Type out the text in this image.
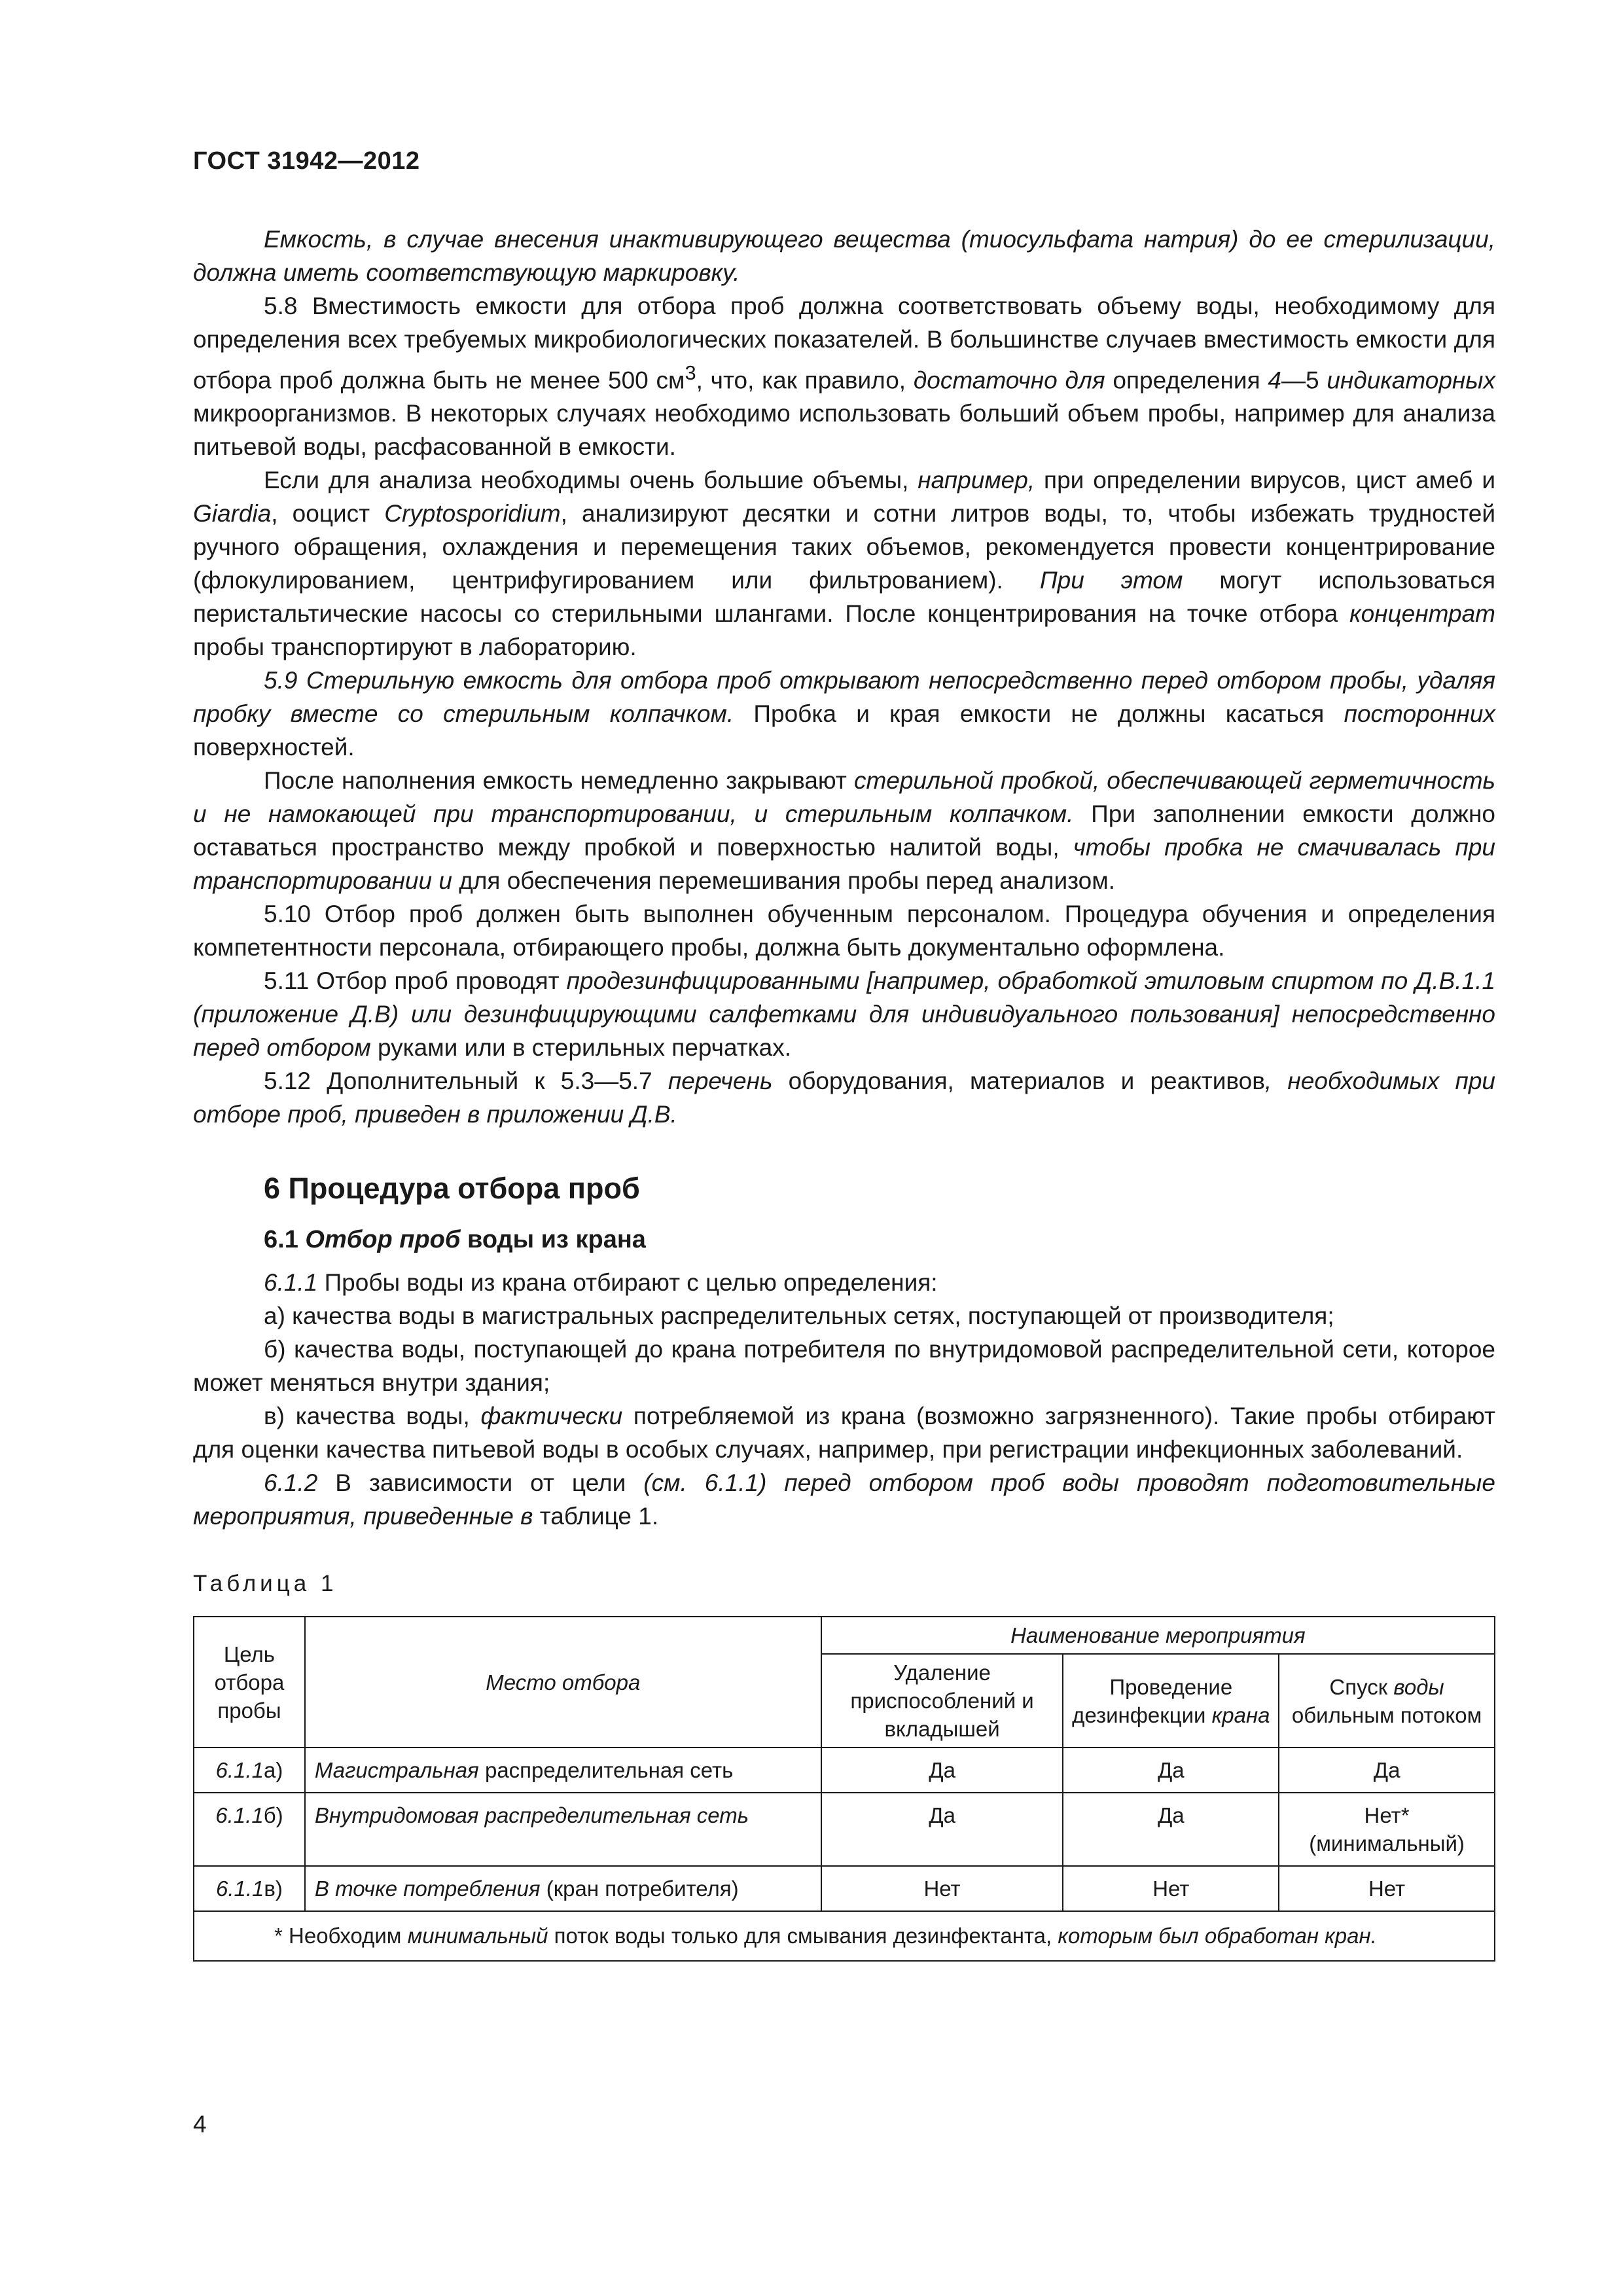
ГОСТ 31942—2012

Емкость, в случае внесения инактивирующего вещества (тиосульфата натрия) до ее стерилизации, должна иметь соответствующую маркировку.

5.8 Вместимость емкости для отбора проб должна соответствовать объему воды, необходимому для определения всех требуемых микробиологических показателей. В большинстве случаев вместимость емкости для отбора проб должна быть не менее 500 $см^3$, что, как правило, достаточно для определения 4—5 индикаторных микроорганизмов. В некоторых случаях необходимо использовать больший объем пробы, например для анализа питьевой воды, расфасованной в емкости.

Если для анализа необходимы очень большие объемы, например, при определении вирусов, цист амеб и Giardia, ооцист Cryptosporidium, анализируют десятки и сотни литров воды, то, чтобы избежать трудностей ручного обращения, охлаждения и перемещения таких объемов, рекомендуется провести концентрирование (флокулированием, центрифугированием или фильтрованием). При этом могут использоваться перистальтические насосы со стерильными шлангами. После концентрирования на точке отбора концентрат пробы транспортируют в лабораторию.

5.9 Стерильную емкость для отбора проб открывают непосредственно перед отбором пробы, удаляя пробку вместе со стерильным колпачком. Пробка и края емкости не должны касаться посторонних поверхностей.

После наполнения емкость немедленно закрывают стерильной пробкой, обеспечивающей герметичность и не намокающей при транспортировании, и стерильным колпачком. При заполнении емкости должно оставаться пространство между пробкой и поверхностью налитой воды, чтобы пробка не смачивалась при транспортировании и для обеспечения перемешивания пробы перед анализом.

5.10 Отбор проб должен быть выполнен обученным персоналом. Процедура обучения и определения компетентности персонала, отбирающего пробы, должна быть документально оформлена.

5.11 Отбор проб проводят продезинфицированными [например, обработкой этиловым спиртом по Д.В.1.1 (приложение Д.В) или дезинфицирующими салфетками для индивидуального пользования] непосредственно перед отбором руками или в стерильных перчатках.

5.12 Дополнительный к 5.3—5.7 перечень оборудования, материалов и реактивов, необходимых при отборе проб, приведен в приложении Д.В.

6 Процедура отбора проб
6.1 Отбор проб воды из крана

6.1.1 Пробы воды из крана отбирают с целью определения:

а) качества воды в магистральных распределительных сетях, поступающей от производителя;

б) качества воды, поступающей до крана потребителя по внутридомовой распределительной сети, которое может меняться внутри здания;

в) качества воды, фактически потребляемой из крана (возможно загрязненного). Такие пробы отбирают для оценки качества питьевой воды в особых случаях, например, при регистрации инфекционных заболеваний.

6.1.2 В зависимости от цели (см. 6.1.1) перед отбором проб воды проводят подготовительные мероприятия, приведенные в таблице 1.

Таблица 1
Цель отбора пробы	Место отбора	Наименование мероприятия		
		Удаление приспособлений и вкладышей	Проведение дезинфекции крана	Спуск воды обильным потоком
6.1.1а)	Магистральная распределительная сеть	Да	Да	Да
6.1.1б)	Внутридомовая распределительная сеть	Да	Да	Нет*
(минимальный)
6.1.1в)	В точке потребления (кран потребителя)	Нет	Нет	Нет
* Необходим минимальный поток воды только для смывания дезинфектанта, которым был обработан кран.				
4
